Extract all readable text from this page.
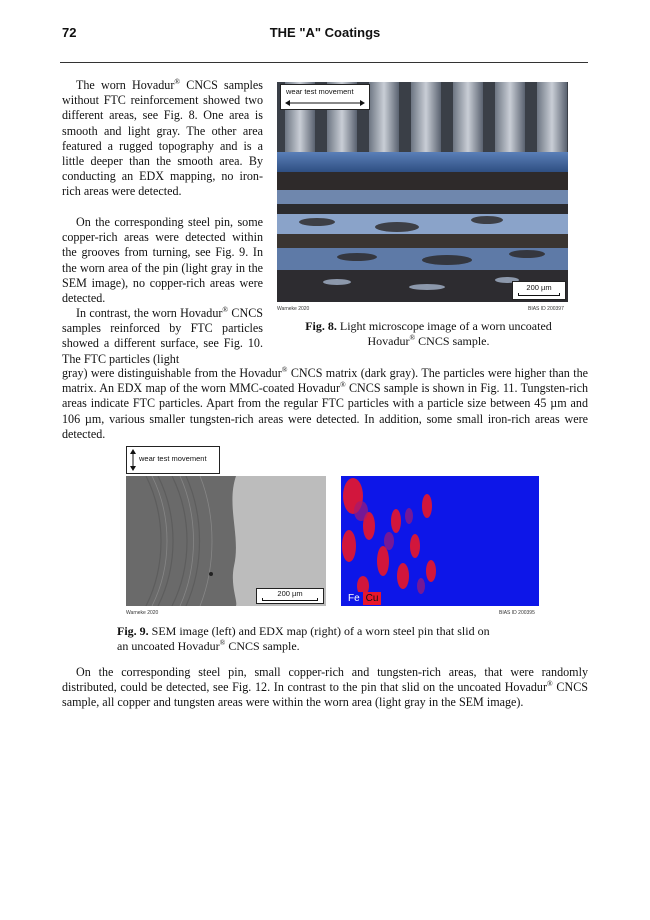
72	THE "A" Coatings

The worn Hovadur® CNCS samples without FTC reinforcement showed two different areas, see Fig. 8. One area is smooth and light gray. The other area featured a rugged topography and is a little deeper than the smooth area. By conducting an EDX mapping, no iron-rich areas were detected.

On the corresponding steel pin, some copper-rich areas were detected within the grooves from turning, see Fig. 9. In the worn area of the pin (light gray in the SEM image), no copper-rich areas were detected.

In contrast, the worn Hovadur® CNCS samples reinforced by FTC particles showed a different surface, see Fig. 10. The FTC particles (light

gray) were distinguishable from the Hovadur® CNCS matrix (dark gray). The particles were higher than the matrix. An EDX map of the worn MMC-coated Hovadur® CNCS sample is shown in Fig. 11. Tungsten-rich areas indicate FTC particles. Apart from the regular FTC particles with a particle size between 45 µm and 106 µm, various smaller tungsten-rich areas were detected. In addition, some small iron-rich areas were detected.

wear test movement
200 µm
Warneke 2020	BIAS ID 200397
Fig. 8. Light microscope image of a worn uncoated
Hovadur® CNCS sample.
wear test movement
200 µm	Fe Cu
Warneke 2020	BIAS ID 200395
Fig. 9. SEM image (left) and EDX map (right) of a worn steel pin that slid on
an uncoated Hovadur® CNCS sample.

On the corresponding steel pin, small copper-rich and tungsten-rich areas, that were randomly distributed, could be detected, see Fig. 12. In contrast to the pin that slid on the uncoated Hovadur® CNCS sample, all copper and tungsten areas were within the worn area (light gray in the SEM image).
